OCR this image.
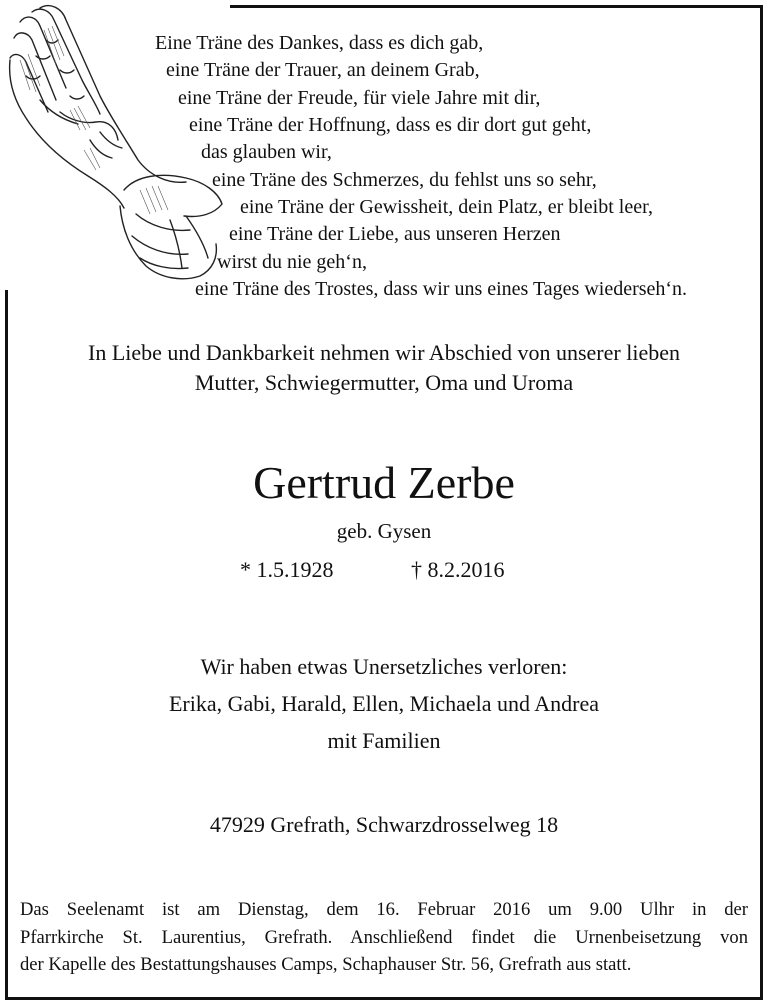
Eine Träne des Dankes, dass es dich gab,
eine Träne der Trauer, an deinem Grab,
eine Träne der Freude, für viele Jahre mit dir,
eine Träne der Hoffnung, dass es dir dort gut geht,
das glauben wir,
eine Träne des Schmerzes, du fehlst uns so sehr,
eine Träne der Gewissheit, dein Platz, er bleibt leer,
eine Träne der Liebe, aus unseren Herzen
wirst du nie geh‘n,
eine Träne des Trostes, dass wir uns eines Tages wiederseh‘n.
In Liebe und Dankbarkeit nehmen wir Abschied von unserer lieben
Mutter, Schwiegermutter, Oma und Uroma
Gertrud Zerbe
geb. Gysen
* 1.5.1928	† 8.2.2016
Wir haben etwas Unersetzliches verloren:
Erika, Gabi, Harald, Ellen, Michaela und Andrea
mit Familien
47929 Grefrath, Schwarzdrosselweg 18
Das Seelenamt ist am Dienstag, dem 16. Februar 2016 um 9.00 Ulhr in der
Pfarrkirche St. Laurentius, Grefrath. Anschließend findet die Urnenbeisetzung von
der Kapelle des Bestattungshauses Camps, Schaphauser Str. 56, Grefrath aus statt.
